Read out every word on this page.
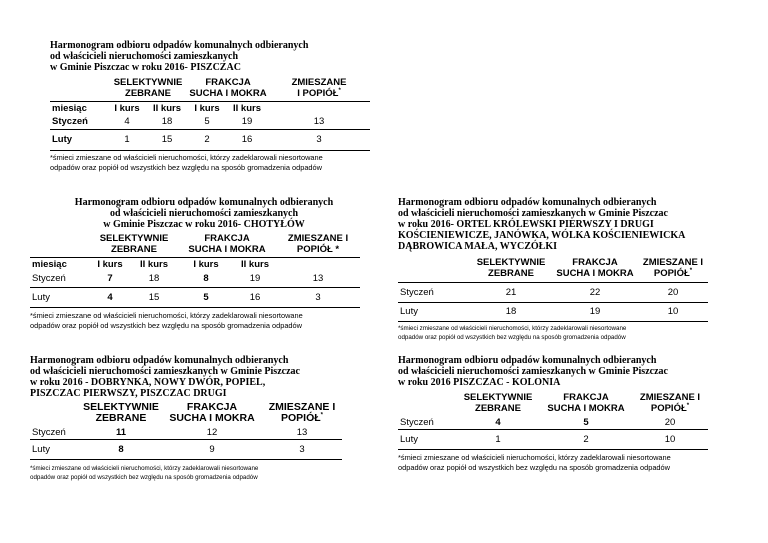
Harmonogram odbioru odpadów komunalnych odbieranych
od właścicieli nieruchomości zamieszkanych
w Gminie Piszczac w roku 2016- PISZCZAC
	SELEKTYWNIE
ZEBRANE		FRAKCJA
SUCHA I MOKRA		ZMIESZANE
I POPIÓŁ*
miesiąc	I kurs	II kurs	I kurs	II kurs	
Styczeń	4	18	5	19	13
Luty	1	15	2	16	3
*śmieci zmieszane od właścicieli nieruchomości, którzy zadeklarowali niesortowane
odpadów oraz popiół od wszystkich bez względu na sposób gromadzenia odpadów
Harmonogram odbioru odpadów komunalnych odbieranych
od właścicieli nieruchomości zamieszkanych
w Gminie Piszczac w roku 2016- CHOTYŁÓW
	SELEKTYWNIE
ZEBRANE		FRAKCJA
SUCHA I MOKRA		ZMIESZANE I
POPIÓŁ *
miesiąc	I kurs	II kurs	I kurs	II kurs	
Styczeń	7	18	8	19	13
Luty	4	15	5	16	3
*śmieci zmieszane od właścicieli nieruchomości, którzy zadeklarowali niesortowane
odpadów oraz popiół od wszystkich bez względu na sposób gromadzenia odpadów
Harmonogram odbioru odpadów komunalnych odbieranych
od właścicieli nieruchomości zamieszkanych w Gminie Piszczac
w roku 2016- ORTEL KRÓLEWSKI PIERWSZY I DRUGI
KOŚCIENIEWICZE, JANÓWKA, WÓLKA KOŚCIENIEWICKA
DĄBROWICA MAŁA, WYCZÓŁKI
	SELEKTYWNIE
ZEBRANE	FRAKCJA
SUCHA I MOKRA	ZMIESZANE I
POPIÓŁ*
Styczeń	21	22	20
Luty	18	19	10
*śmieci zmieszane od właścicieli nieruchomości, którzy zadeklarowali niesortowane
odpadów oraz popiół od wszystkich bez względu na sposób gromadzenia odpadów
Harmonogram odbioru odpadów komunalnych odbieranych
od właścicieli nieruchomości zamieszkanych w Gminie Piszczac
w roku 2016 - DOBRYNKA, NOWY DWÓR, POPIEL,
PISZCZAC PIERWSZY, PISZCZAC DRUGI
	SELEKTYWNIE
ZEBRANE	FRAKCJA
SUCHA I MOKRA	ZMIESZANE I
POPIÓŁ*
Styczeń	11	12	13
Luty	8	9	3
*śmieci zmieszane od właścicieli nieruchomości, którzy zadeklarowali niesortowane
odpadów oraz popiół od wszystkich bez względu na sposób gromadzenia odpadów
Harmonogram odbioru odpadów komunalnych odbieranych
od właścicieli nieruchomości zamieszkanych w Gminie Piszczac
w roku 2016 PISZCZAC - KOLONIA
	SELEKTYWNIE
ZEBRANE	FRAKCJA
SUCHA I MOKRA	ZMIESZANE I
POPIÓŁ*
Styczeń	4	5	20
Luty	1	2	10
*śmieci zmieszane od właścicieli nieruchomości, którzy zadeklarowali niesortowane
odpadów oraz popiół od wszystkich bez względu na sposób gromadzenia odpadów
